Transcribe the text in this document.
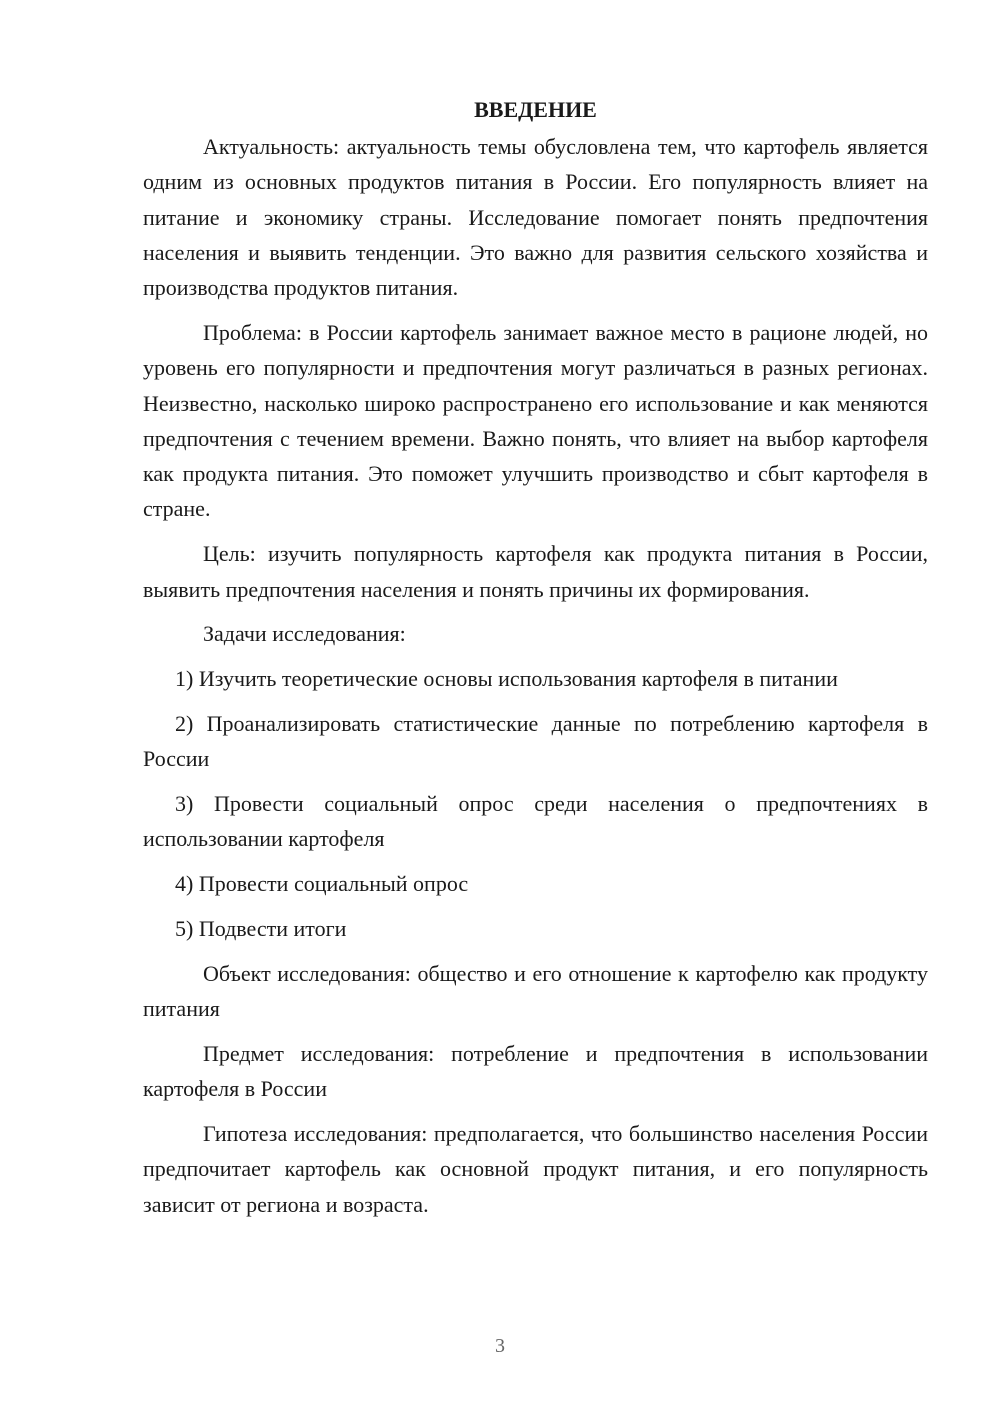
ВВЕДЕНИЕ

Актуальность: актуальность темы обусловлена тем, что картофель является одним из основных продуктов питания в России. Его популярность влияет на питание и экономику страны. Исследование помогает понять предпочтения населения и выявить тенденции. Это важно для развития сельского хозяйства и производства продуктов питания.

Проблема: в России картофель занимает важное место в рационе людей, но уровень его популярности и предпочтения могут различаться в разных регионах. Неизвестно, насколько широко распространено его использование и как меняются предпочтения с течением времени. Важно понять, что влияет на выбор картофеля как продукта питания. Это поможет улучшить производство и сбыт картофеля в стране.

Цель: изучить популярность картофеля как продукта питания в России, выявить предпочтения населения и понять причины их формирования.

Задачи исследования:

1) Изучить теоретические основы использования картофеля в питании

2) Проанализировать статистические данные по потреблению картофеля в России

3) Провести социальный опрос среди населения о предпочтениях в использовании картофеля

4) Провести социальный опрос

5) Подвести итоги

Объект исследования: общество и его отношение к картофелю как продукту питания

Предмет исследования: потребление и предпочтения в использовании картофеля в России

Гипотеза исследования: предполагается, что большинство населения России предпочитает картофель как основной продукт питания, и его популярность зависит от региона и возраста.

3
